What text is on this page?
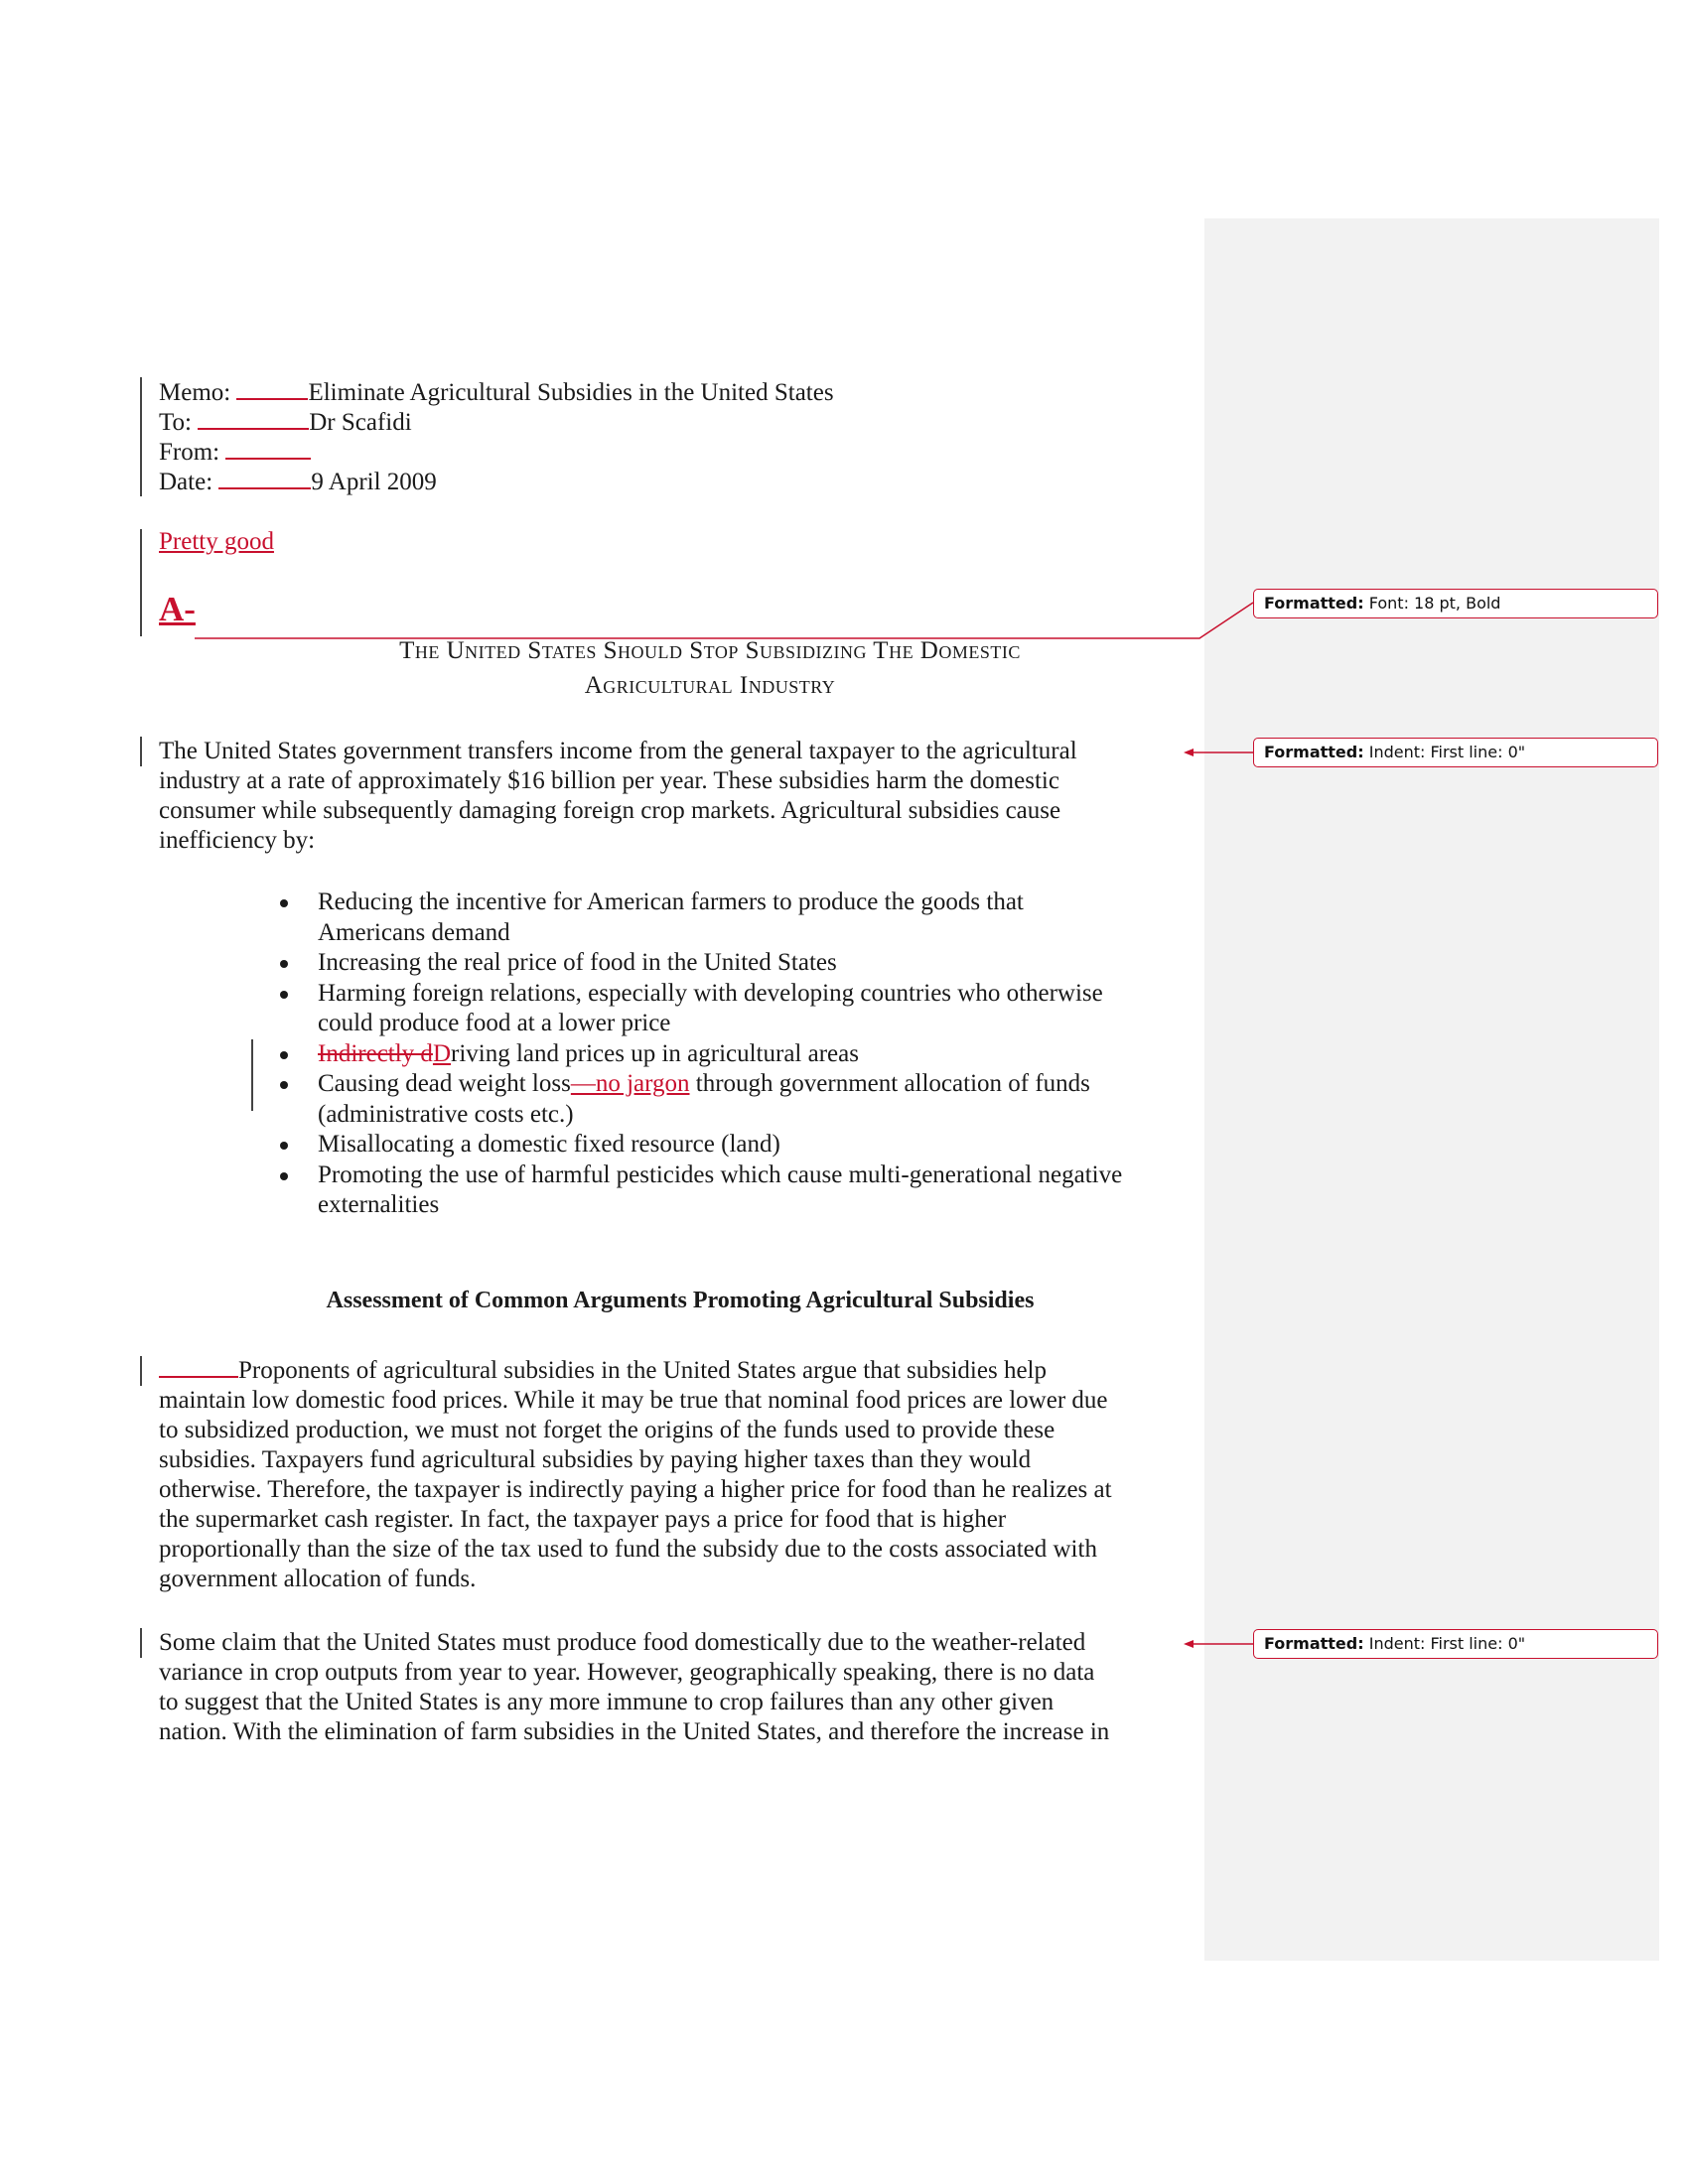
Memo:	Eliminate Agricultural Subsidies in the United States
To:	Dr Scafidi
From:
Date:	9 April 2009
Pretty good
A-
The United States Should Stop Subsidizing The Domestic
Agricultural Industry
The United States government transfers income from the general taxpayer to the agricultural
industry at a rate of approximately $16 billion per year. These subsidies harm the domestic
consumer while subsequently damaging foreign crop markets. Agricultural subsidies cause
inefficiency by:
Reducing the incentive for American farmers to produce the goods that
Americans demand
Increasing the real price of food in the United States
Harming foreign relations, especially with developing countries who otherwise
could produce food at a lower price
Indirectly dDriving land prices up in agricultural areas
Causing dead weight loss—no jargon through government allocation of funds
(administrative costs etc.)
Misallocating a domestic fixed resource (land)
Promoting the use of harmful pesticides which cause multi-generational negative
externalities
Assessment of Common Arguments Promoting Agricultural Subsidies
Proponents of agricultural subsidies in the United States argue that subsidies help
maintain low domestic food prices. While it may be true that nominal food prices are lower due
to subsidized production, we must not forget the origins of the funds used to provide these
subsidies. Taxpayers fund agricultural subsidies by paying higher taxes than they would
otherwise. Therefore, the taxpayer is indirectly paying a higher price for food than he realizes at
the supermarket cash register. In fact, the taxpayer pays a price for food that is higher
proportionally than the size of the tax used to fund the subsidy due to the costs associated with
government allocation of funds.
Some claim that the United States must produce food domestically due to the weather-related
variance in crop outputs from year to year. However, geographically speaking, there is no data
to suggest that the United States is any more immune to crop failures than any other given
nation. With the elimination of farm subsidies in the United States, and therefore the increase in
Formatted: Font: 18 pt, Bold
Formatted: Indent: First line: 0"
Formatted: Indent: First line: 0"
